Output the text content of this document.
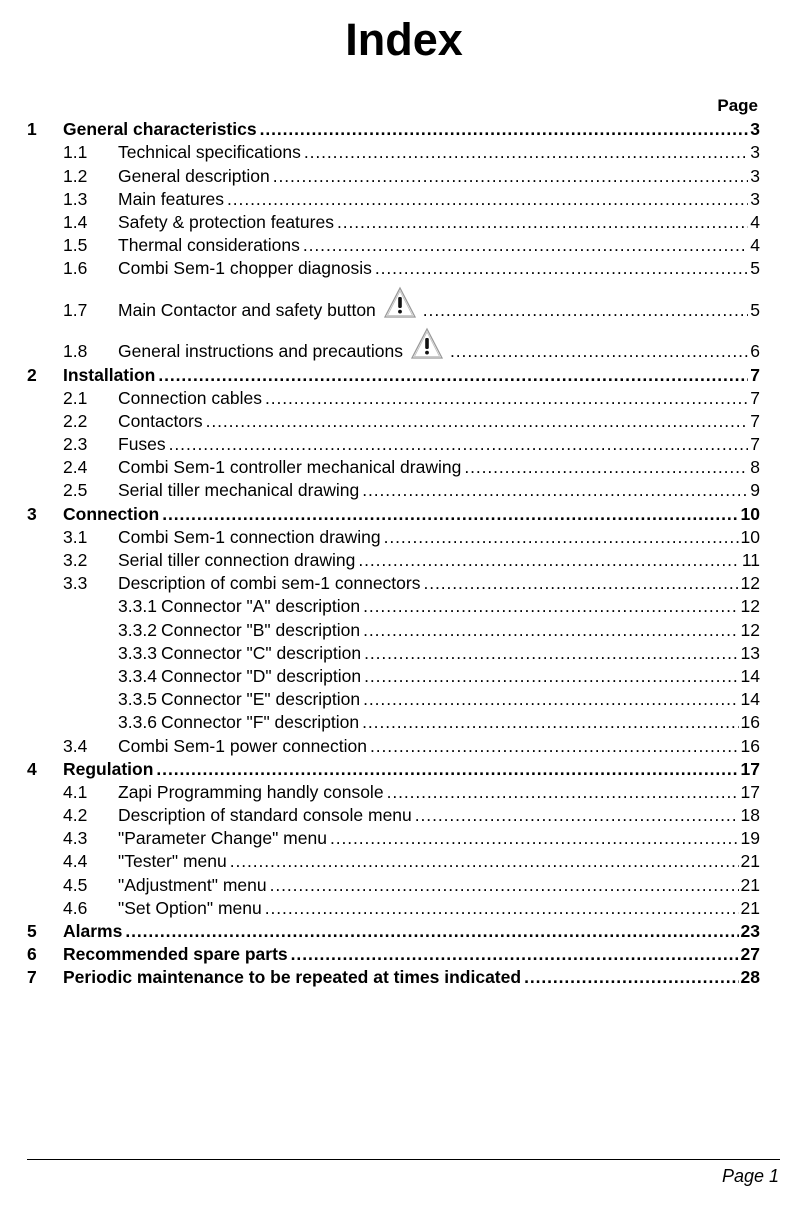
Index
Page
1	General characteristics .....	3
1.1	Technical specifications .....	3
1.2	General description .....	3
1.3	Main features .....	3
1.4	Safety & protection features .....	4
1.5	Thermal considerations .....	4
1.6	Combi Sem-1 chopper diagnosis .....	5
1.7	Main Contactor and safety button .....	5
1.8	General instructions and precautions .....	6
2	Installation .....	7
2.1	Connection cables .....	7
2.2	Contactors .....	7
2.3	Fuses .....	7
2.4	Combi Sem-1 controller mechanical drawing .....	8
2.5	Serial tiller mechanical drawing .....	9
3	Connection .....	10
3.1	Combi Sem-1 connection drawing .....	10
3.2	Serial tiller connection drawing .....	11
3.3	Description of combi sem-1 connectors .....	12
3.3.1 Connector "A" description .....	12
3.3.2 Connector "B" description .....	12
3.3.3 Connector "C" description .....	13
3.3.4 Connector "D" description .....	14
3.3.5 Connector "E" description .....	14
3.3.6 Connector "F" description .....	16
3.4	Combi Sem-1 power connection .....	16
4	Regulation .....	17
4.1	Zapi Programming handly console .....	17
4.2	Description of standard console menu .....	18
4.3	"Parameter Change" menu .....	19
4.4	"Tester" menu .....	21
4.5	"Adjustment" menu .....	21
4.6	"Set Option" menu .....	21
5	Alarms .....	23
6	Recommended spare parts .....	27
7	Periodic maintenance to be repeated at times indicated .....	28
Page 1
